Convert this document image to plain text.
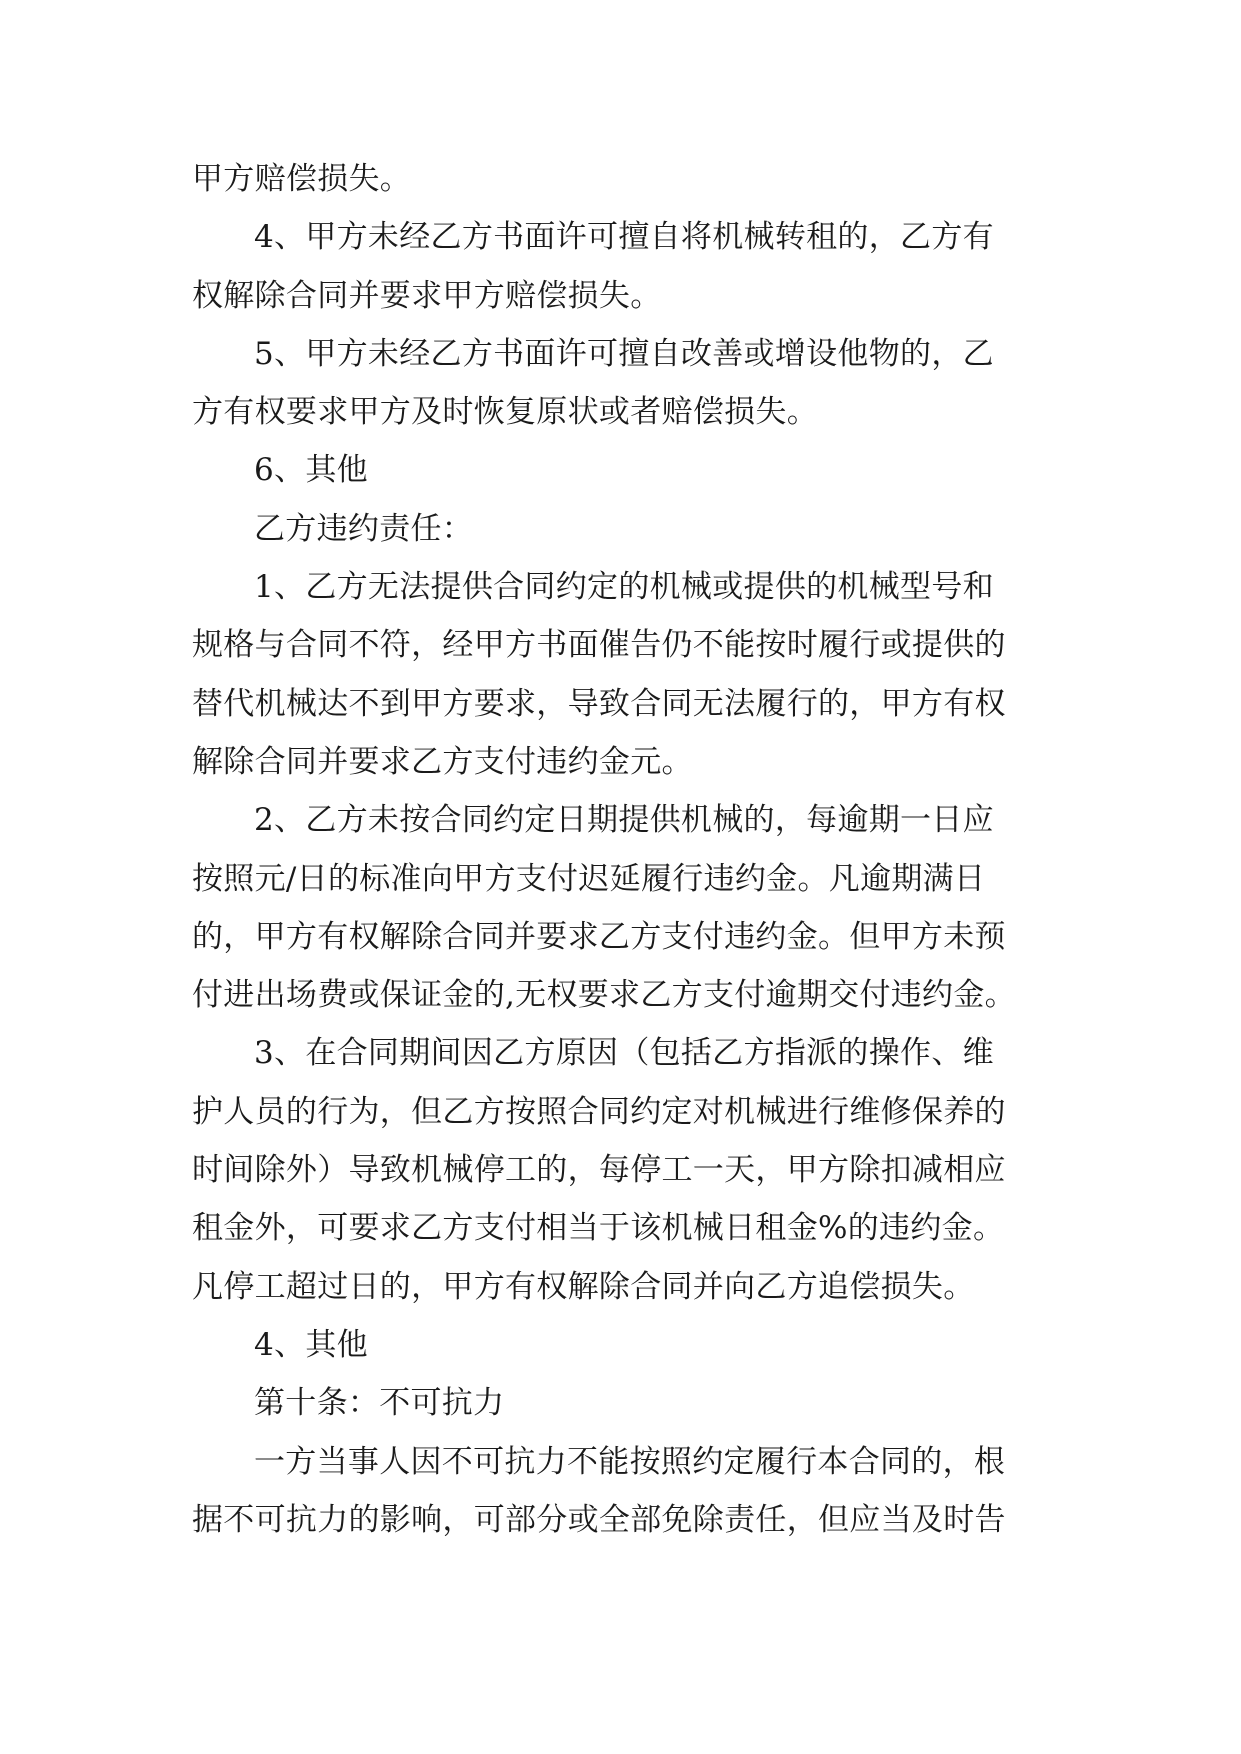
甲方赔偿损失。
4、甲方未经乙方书面许可擅自将机械转租的，乙方有
权解除合同并要求甲方赔偿损失。
5、甲方未经乙方书面许可擅自改善或增设他物的，乙
方有权要求甲方及时恢复原状或者赔偿损失。
6、其他
乙方违约责任：
1、乙方无法提供合同约定的机械或提供的机械型号和
规格与合同不符，经甲方书面催告仍不能按时履行或提供的
替代机械达不到甲方要求，导致合同无法履行的，甲方有权
解除合同并要求乙方支付违约金元。
2、乙方未按合同约定日期提供机械的，每逾期一日应
按照元/日的标准向甲方支付迟延履行违约金。凡逾期满日
的，甲方有权解除合同并要求乙方支付违约金。但甲方未预
付进出场费或保证金的,无权要求乙方支付逾期交付违约金。
3、在合同期间因乙方原因（包括乙方指派的操作、维
护人员的行为，但乙方按照合同约定对机械进行维修保养的
时间除外）导致机械停工的，每停工一天，甲方除扣减相应
租金外，可要求乙方支付相当于该机械日租金%的违约金。
凡停工超过日的，甲方有权解除合同并向乙方追偿损失。
4、其他
第十条：不可抗力
一方当事人因不可抗力不能按照约定履行本合同的，根
据不可抗力的影响，可部分或全部免除责任，但应当及时告
